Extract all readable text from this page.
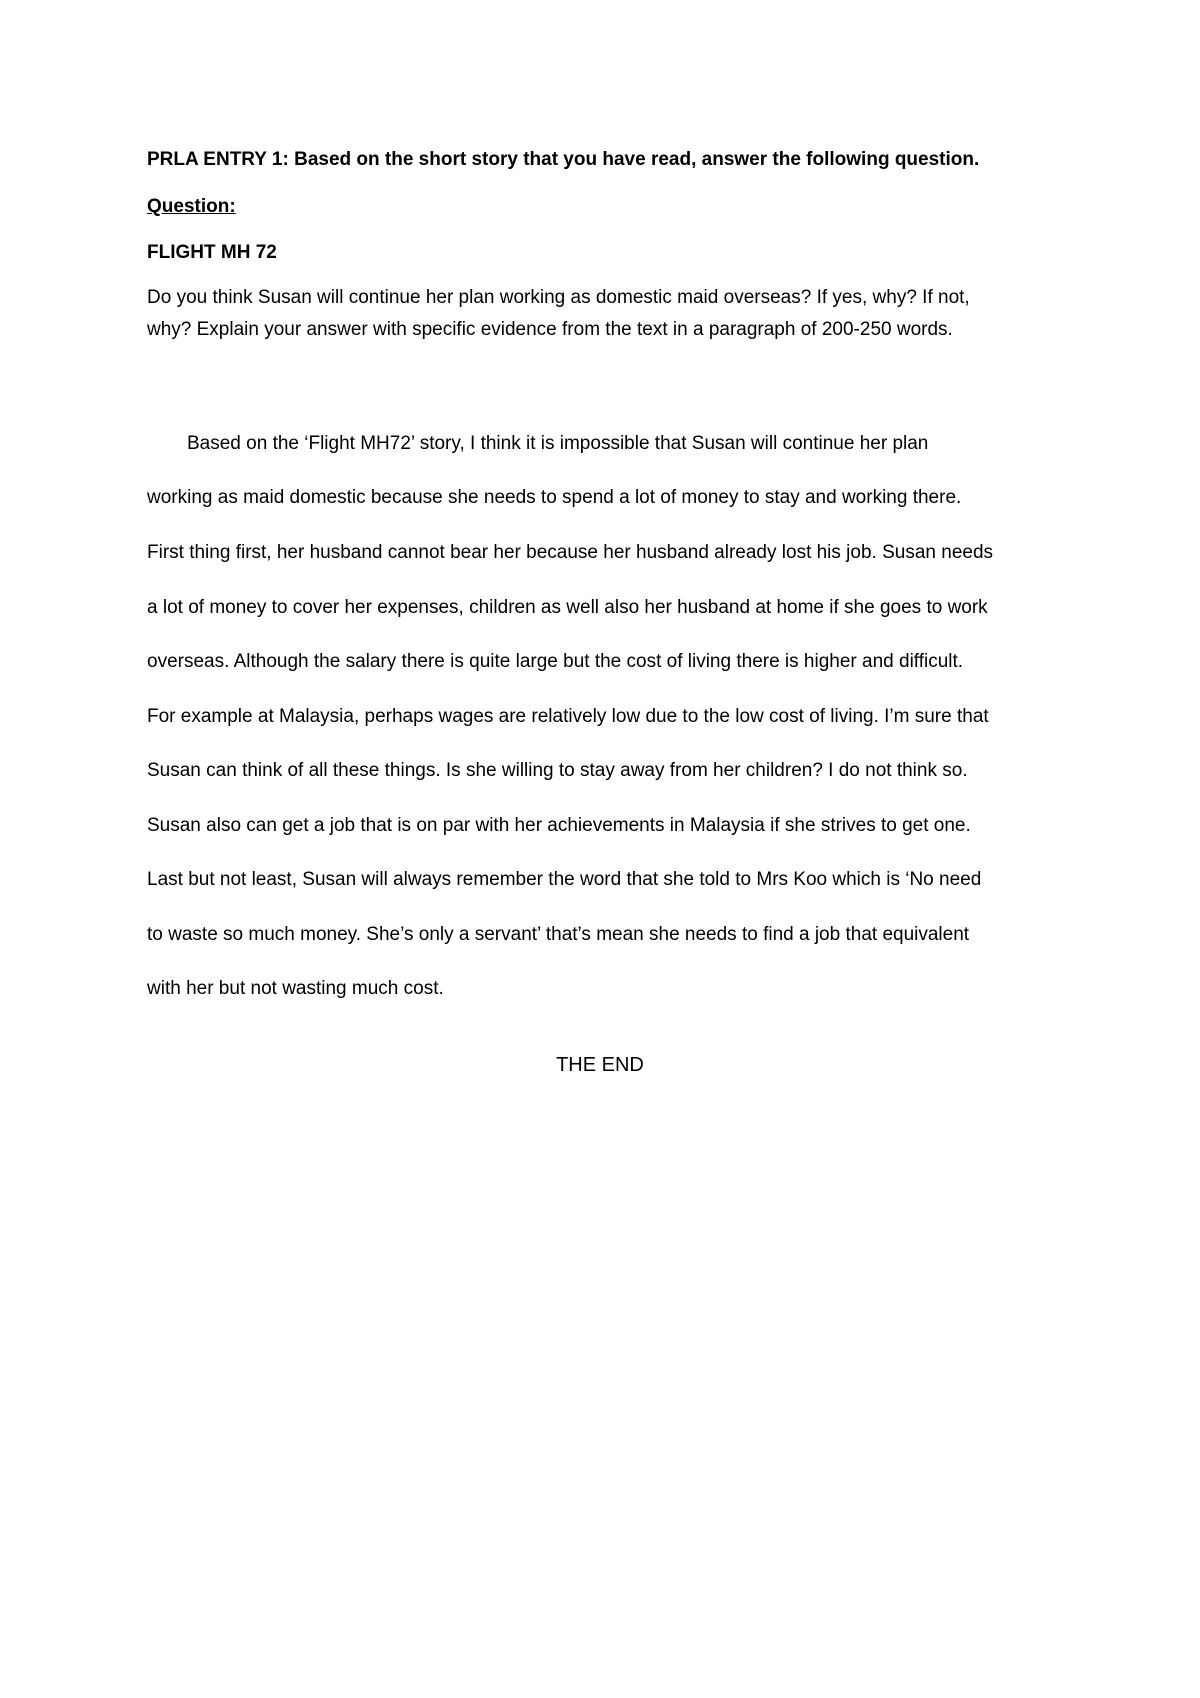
PRLA ENTRY 1: Based on the short story that you have read, answer the following question.
Question:
FLIGHT MH 72
Do you think Susan will continue her plan working as domestic maid overseas? If yes, why? If not,
why? Explain your answer with specific evidence from the text in a paragraph of 200-250 words.
Based on the ‘Flight MH72’ story, I think it is impossible that Susan will continue her plan
working as maid domestic because she needs to spend a lot of money to stay and working there.
First thing first, her husband cannot bear her because her husband already lost his job. Susan needs
a lot of money to cover her expenses, children as well also her husband at home if she goes to work
overseas. Although the salary there is quite large but the cost of living there is higher and difficult.
For example at Malaysia, perhaps wages are relatively low due to the low cost of living. I’m sure that
Susan can think of all these things. Is she willing to stay away from her children? I do not think so.
Susan also can get a job that is on par with her achievements in Malaysia if she strives to get one.
Last but not least, Susan will always remember the word that she told to Mrs Koo which is ‘No need
to waste so much money. She’s only a servant’ that’s mean she needs to find a job that equivalent
with her but not wasting much cost.
THE END
